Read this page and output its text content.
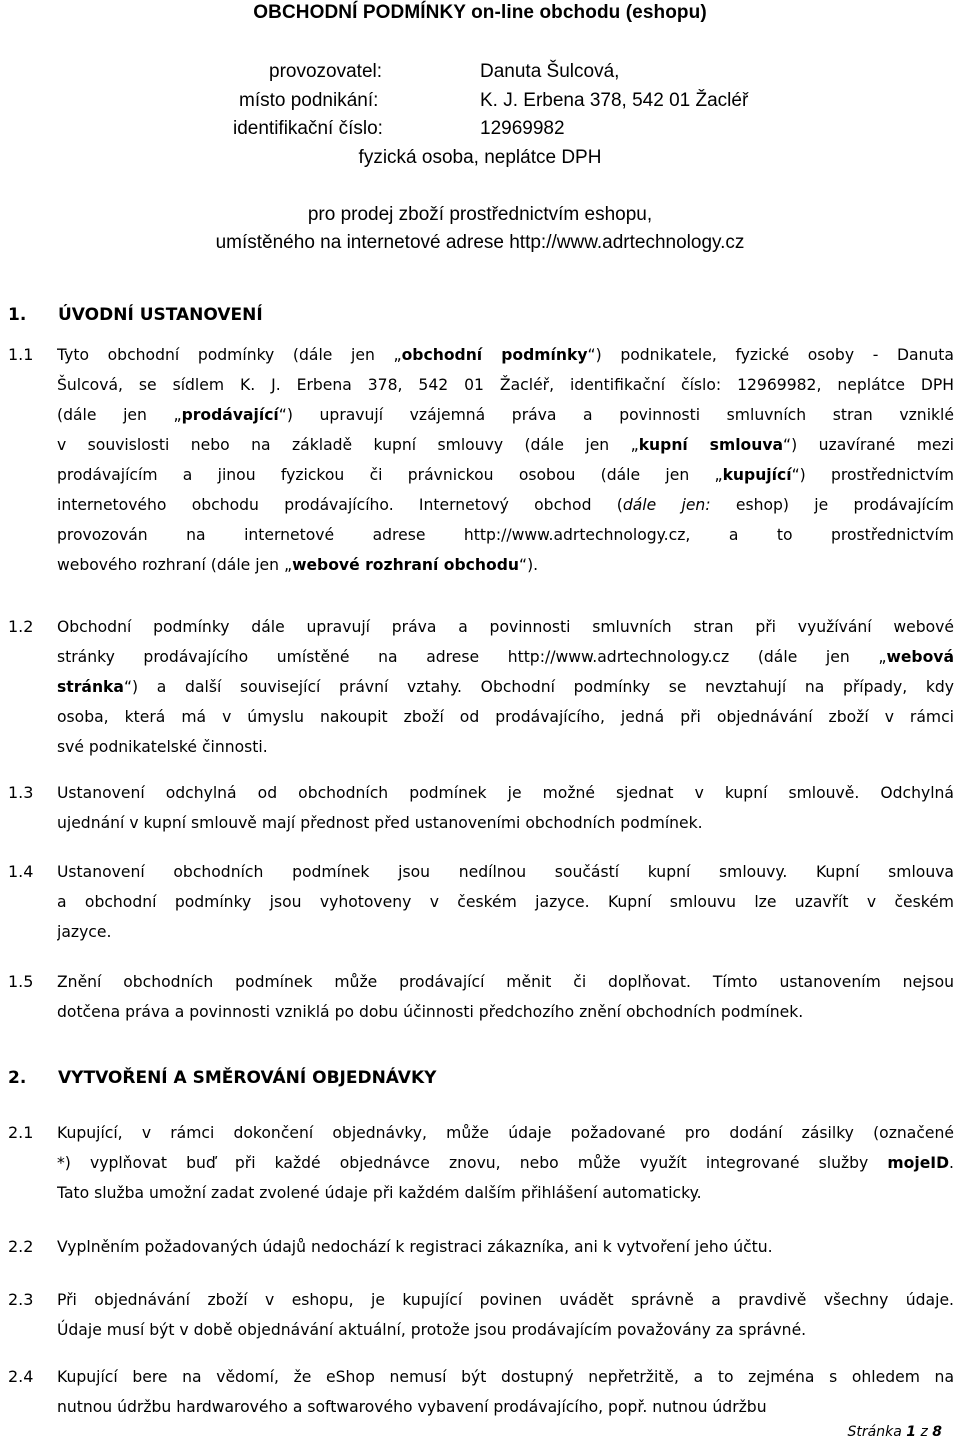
OBCHODNÍ PODMÍNKY on-line obchodu (eshopu)
provozovatel:	Danuta Šulcová,
místo podnikání:	K. J. Erbena 378, 542 01 Žacléř
identifikační číslo:	12969982
fyzická osoba, neplátce DPH
pro prodej zboží prostřednictvím eshopu,
umístěného na internetové adrese http://www.adrtechnology.cz
1. ÚVODNÍ USTANOVENÍ
1.1 Tyto obchodní podmínky (dále jen „obchodní podmínky“) podnikatele, fyzické osoby - Danuta
Šulcová, se sídlem K. J. Erbena 378, 542 01 Žacléř, identifikační číslo: 12969982, neplátce DPH
(dále jen „prodávající“) upravují vzájemná práva a povinnosti smluvních stran vzniklé
v souvislosti nebo na základě kupní smlouvy (dále jen „kupní smlouva“) uzavírané mezi
prodávajícím a jinou fyzickou či právnickou osobou (dále jen „kupující“) prostřednictvím
internetového obchodu prodávajícího. Internetový obchod (dále jen: eshop) je prodávajícím
provozován na internetové adrese http://www.adrtechnology.cz, a to prostřednictvím
webového rozhraní (dále jen „webové rozhraní obchodu“).
1.2 Obchodní podmínky dále upravují práva a povinnosti smluvních stran při využívání webové
stránky prodávajícího umístěné na adrese http://www.adrtechnology.cz (dále jen „webová
stránka“) a další související právní vztahy. Obchodní podmínky se nevztahují na případy, kdy
osoba, která má v úmyslu nakoupit zboží od prodávajícího, jedná při objednávání zboží v rámci
své podnikatelské činnosti.
1.3 Ustanovení odchylná od obchodních podmínek je možné sjednat v kupní smlouvě. Odchylná
ujednání v kupní smlouvě mají přednost před ustanoveními obchodních podmínek.
1.4 Ustanovení obchodních podmínek jsou nedílnou součástí kupní smlouvy. Kupní smlouva
a obchodní podmínky jsou vyhotoveny v českém jazyce. Kupní smlouvu lze uzavřít v českém
jazyce.
1.5 Znění obchodních podmínek může prodávající měnit či doplňovat. Tímto ustanovením nejsou
dotčena práva a povinnosti vzniklá po dobu účinnosti předchozího znění obchodních podmínek.
2. VYTVOŘENÍ A SMĚROVÁNÍ OBJEDNÁVKY
2.1 Kupující, v rámci dokončení objednávky, může údaje požadované pro dodání zásilky (označené
*) vyplňovat buď při každé objednávce znovu, nebo může využít integrované služby mojeID.
Tato služba umožní zadat zvolené údaje při každém dalším přihlášení automaticky.
2.2 Vyplněním požadovaných údajů nedochází k registraci zákazníka, ani k vytvoření jeho účtu.
2.3 Při objednávání zboží v eshopu, je kupující povinen uvádět správně a pravdivě všechny údaje.
Údaje musí být v době objednávání aktuální, protože jsou prodávajícím považovány za správné.
2.4 Kupující bere na vědomí, že eShop nemusí být dostupný nepřetržitě, a to zejména s ohledem na
nutnou údržbu hardwarového a softwarového vybavení prodávajícího, popř. nutnou údržbu
Stránka 1 z 8
